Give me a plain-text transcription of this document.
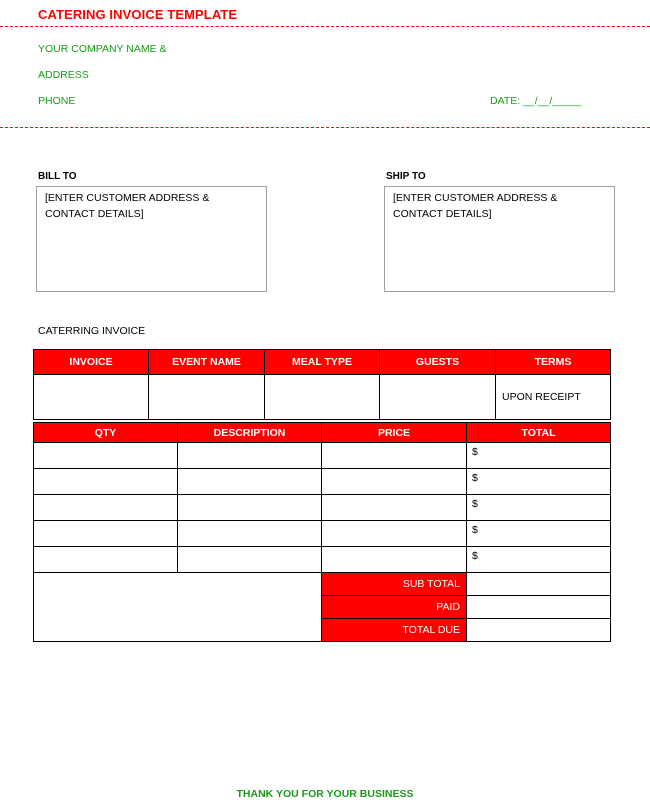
CATERING INVOICE TEMPLATE
YOUR COMPANY NAME &
ADDRESS
PHONE	DATE: __/__/_____
BILL TO
[ENTER CUSTOMER ADDRESS & CONTACT DETAILS]
SHIP TO
[ENTER CUSTOMER ADDRESS & CONTACT DETAILS]
CATERRING INVOICE
INVOICE	EVENT NAME	MEAL TYPE	GUESTS	TERMS
				UPON RECEIPT
QTY	DESCRIPTION	PRICE	TOTAL
			$
			$
			$
			$
			$
		SUB TOTAL	
		PAID	
		TOTAL DUE	
THANK YOU FOR YOUR BUSINESS
